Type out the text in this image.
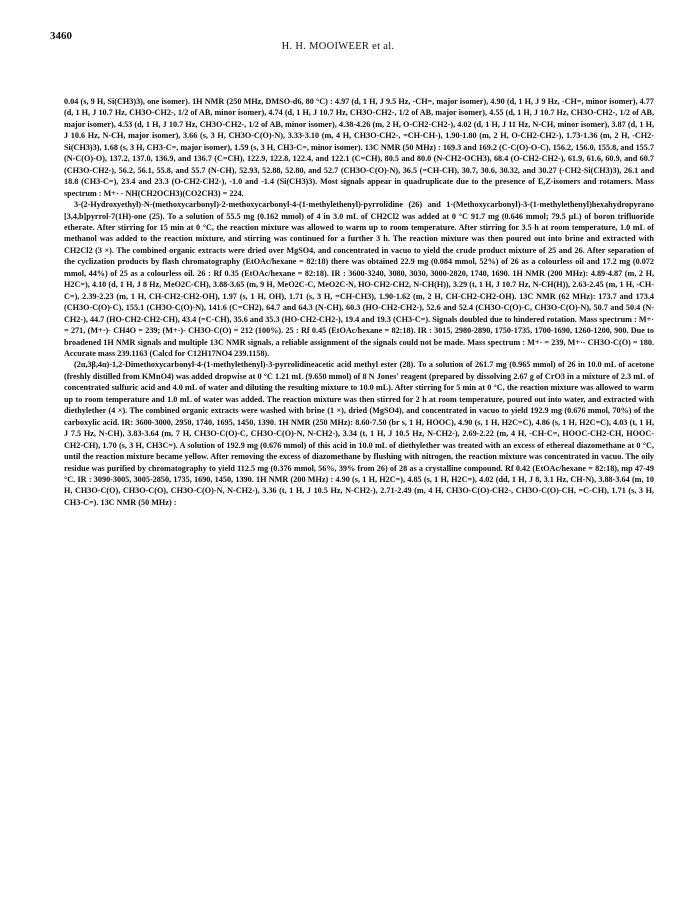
3460
H. H. MOOIWEER et al.

0.04 (s, 9 H, Si(CH3)3), one isomer). 1H NMR (250 MHz, DMSO-d6, 80 °C) : 4.97 (d, 1 H, J 9.5 Hz, -CH=, major isomer), 4.90 (d, 1 H, J 9 Hz, -CH=, minor isomer), 4.77 (d, 1 H, J 10.7 Hz, CH3O-CH2-, 1/2 of AB, minor isomer), 4.74 (d, 1 H, J 10.7 Hz, CH3O-CH2-, 1/2 of AB, major isomer), 4.55 (d, 1 H, J 10.7 Hz, CH3O-CH2-, 1/2 of AB, major isomer), 4.53 (d, 1 H, J 10.7 Hz, CH3O-CH2-, 1/2 of AB, minor isomer), 4.38-4.26 (m, 2 H, O-CH2-CH2-), 4.02 (d, 1 H, J 11 Hz, N-CH, minor isomer), 3.87 (d, 1 H, J 10.6 Hz, N-CH, major isomer), 3.66 (s, 3 H, CH3O-C(O)-N), 3.33-3.10 (m, 4 H, CH3O-CH2-, =CH-CH-), 1.90-1.80 (m, 2 H, O-CH2-CH2-), 1.73-1.36 (m, 2 H, -CH2-Si(CH3)3), 1.68 (s, 3 H, CH3-C=, major isomer), 1.59 (s, 3 H, CH3-C=, minor isomer). 13C NMR (50 MHz) : 169.3 and 169.2 (C-C(O)-O-C), 156.2, 156.0, 155.8, and 155.7 (N-C(O)-O), 137.2, 137.0, 136.9, and 136.7 (C=CH), 122.9, 122.8, 122.4, and 122.1 (C=CH), 80.5 and 80.0 (N-CH2-OCH3), 68.4 (O-CH2-CH2-), 61.9, 61.6, 60.9, and 60.7 (CH3O-CH2-), 56.2, 56.1, 55.8, and 55.7 (N-CH), 52.93, 52.88, 52.80, and 52.7 (CH3O-C(O)-N), 36.5 (=CH-CH), 30.7, 30.6, 30.32, and 30.27 (-CH2-Si(CH3)3), 26.1 and 18.8 (CH3-C=), 23.4 and 23.3 (O-CH2-CH2-), -1.0 and -1.4 (Si(CH3)3). Most signals appear in quadruplicate due to the presence of E,Z-isomers and rotamers. Mass spectrum : M+· - NH(CH2OCH3)(CO2CH3) = 224.

3-(2-Hydroxyethyl)-N-(methoxycarbonyl)-2-methoxycarbonyl-4-(1-methylethenyl)-pyrrolidine (26) and 1-(Methoxycarbonyl)-3-(1-methylethenyl)hexahydropyrano [3,4,b]pyrrol-7(1H)-one (25). To a solution of 55.5 mg (0.162 mmol) of 4 in 3.0 mL of CH2Cl2 was added at 0 °C 91.7 mg (0.646 mmol; 79.5 µL) of boron trifluoride etherate. After stirring for 15 min at 0 °C, the reaction mixture was allowed to warm up to room temperature. After stirring for 3.5 h at room temperature, 1.0 mL of methanol was added to the reaction mixture, and stirring was continued for a further 3 h. The reaction mixture was then poured out into brine and extracted with CH2Cl2 (3 ×). The combined organic extracts were dried over MgSO4, and concentrated in vacuo to yield the crude product mixture of 25 and 26. After separation of the cyclization products by flash chromatography (EtOAc/hexane = 82:18) there was obtained 22.9 mg (0.084 mmol, 52%) of 26 as a colourless oil and 17.2 mg (0.072 mmol, 44%) of 25 as a colourless oil. 26 : Rf 0.35 (EtOAc/hexane = 82:18). IR : 3600-3240, 3080, 3030, 3000-2820, 1740, 1690. 1H NMR (200 MHz): 4.89-4.87 (m, 2 H, H2C=), 4.10 (d, 1 H, J 8 Hz, MeO2C-CH), 3.88-3.65 (m, 9 H, MeO2C-C, MeO2C-N, HO-CH2-CH2, N-CH(H)), 3.29 (t, 1 H, J 10.7 Hz, N-CH(H)), 2.63-2.45 (m, 1 H, -CH-C=), 2.39-2.23 (m, 1 H, CH-CH2-CH2-OH), 1.97 (s, 1 H, OH), 1.71 (s, 3 H, =CH-CH3), 1.90-1.62 (m, 2 H, CH-CH2-CH2-OH). 13C NMR (62 MHz): 173.7 and 173.4 (CH3O-C(O)-C), 155.1 (CH3O-C(O)-N), 141.6 (C=CH2), 64.7 and 64.3 (N-CH), 60.3 (HO-CH2-CH2-), 52.6 and 52.4 (CH3O-C(O)-C, CH3O-C(O)-N), 50.7 and 50.4 (N-CH2-), 44.7 (HO-CH2-CH2-CH), 43.4 (=C-CH), 35.6 and 35.3 (HO-CH2-CH2-), 19.4 and 19.3 (CH3-C=). Signals doubled due to hindered rotation. Mass spectrum : M+· = 271, (M+·)- CH4O = 239; (M+·)- CH3O-C(O) = 212 (100%). 25 : Rf 0.45 (EtOAc/hexane = 82:18). IR : 3015, 2980-2890, 1750-1735, 1700-1690, 1260-1200, 900. Due to broadened 1H NMR signals and multiple 13C NMR signals, a reliable assignment of the signals could not be made. Mass spectrum : M+· = 239, M+·- CH3O-C(O) = 180. Accurate mass 239.1163 (Calcd for C12H17NO4 239.1158).

(2α,3β,4α)-1,2-Dimethoxycarbonyl-4-(1-methylethenyl)-3-pyrrolidineacetic acid methyl ester (28). To a solution of 261.7 mg (0.965 mmol) of 26 in 10.0 mL of acetone (freshly distilled from KMnO4) was added dropwise at 0 °C 1.21 mL (9.650 mmol) of 8 N Jones' reagent (prepared by dissolving 2.67 g of CrO3 in a mixture of 2.3 mL of concentrated sulfuric acid and 4.0 mL of water and diluting the resulting mixture to 10.0 mL). After stirring for 5 min at 0 °C, the reaction mixture was allowed to warm up to room temperature and 1.0 mL of water was added. The reaction mixture was then stirred for 2 h at room temperature, poured out into water, and extracted with diethylether (4 ×). The combined organic extracts were washed with brine (1 ×), dried (MgSO4), and concentrated in vacuo to yield 192.9 mg (0.676 mmol, 70%) of the carboxylic acid. IR: 3600-3000, 2950, 1740, 1695, 1450, 1390. 1H NMR (250 MHz): 8.60-7.50 (br s, 1 H, HOOC), 4.90 (s, 1 H, H2C=C), 4.86 (s, 1 H, H2C=C), 4.03 (t, 1 H, J 7.5 Hz, N-CH), 3.83-3.64 (m, 7 H, CH3O-C(O)-C, CH3O-C(O)-N, N-CH2-), 3.34 (t, 1 H, J 10.5 Hz, N-CH2-), 2.69-2.22 (m, 4 H, -CH-C=, HOOC-CH2-CH, HOOC-CH2-CH), 1.70 (s, 3 H, CH3C=). A solution of 192.9 mg (0.676 mmol) of this acid in 10.0 mL of diethylether was treated with an excess of ethereal diazomethane at 0 °C, until the reaction mixture became yellow. After removing the excess of diazomethane by flushing with nitrogen, the reaction mixture was concentrated in vacuo. The oily residue was purified by chromatography to yield 112.5 mg (0.376 mmol, 56%, 39% from 26) of 28 as a crystalline compound. Rf 0.42 (EtOAc/hexane = 82:18), mp 47-49 °C. IR : 3090-3005, 3005-2850, 1735, 1690, 1450, 1390. 1H NMR (200 MHz) : 4.90 (s, 1 H, H2C=), 4.85 (s, 1 H, H2C=), 4.02 (dd, 1 H, J 8, 3.1 Hz, CH-N), 3.88-3.64 (m, 10 H, CH3O-C(O), CH3O-C(O), CH3O-C(O)-N, N-CH2-), 3.36 (t, 1 H, J 10.5 Hz, N-CH2-), 2.71-2.49 (m, 4 H, CH3O-C(O)-CH2-, CH3O-C(O)-CH, =C-CH), 1.71 (s, 3 H, CH3-C=). 13C NMR (50 MHz) :
